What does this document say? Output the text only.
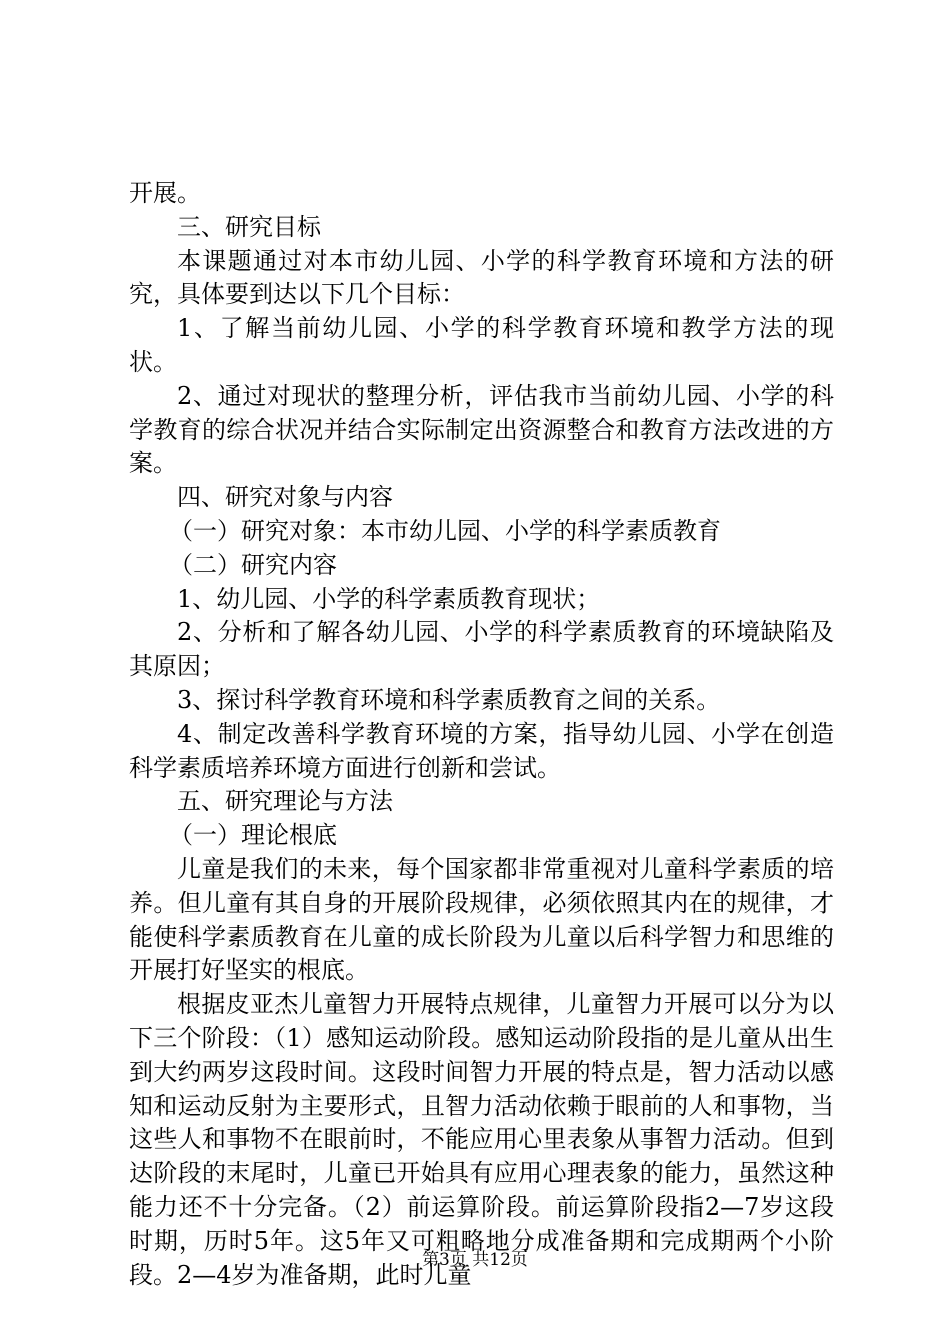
开展。

三、研究目标

本课题通过对本市幼儿园、小学的科学教育环境和方法的研究，具体要到达以下几个目标：

1、了解当前幼儿园、小学的科学教育环境和教学方法的现状。

2、通过对现状的整理分析，评估我市当前幼儿园、小学的科学教育的综合状况并结合实际制定出资源整合和教育方法改进的方案。

四、研究对象与内容

（一）研究对象：本市幼儿园、小学的科学素质教育

（二）研究内容

1、幼儿园、小学的科学素质教育现状；

2、分析和了解各幼儿园、小学的科学素质教育的环境缺陷及其原因；

3、探讨科学教育环境和科学素质教育之间的关系。

4、制定改善科学教育环境的方案，指导幼儿园、小学在创造科学素质培养环境方面进行创新和尝试。

五、研究理论与方法

（一）理论根底

儿童是我们的未来，每个国家都非常重视对儿童科学素质的培养。但儿童有其自身的开展阶段规律，必须依照其内在的规律，才能使科学素质教育在儿童的成长阶段为儿童以后科学智力和思维的开展打好坚实的根底。

根据皮亚杰儿童智力开展特点规律，儿童智力开展可以分为以下三个阶段：（1）感知运动阶段。感知运动阶段指的是儿童从出生到大约两岁这段时间。这段时间智力开展的特点是，智力活动以感知和运动反射为主要形式，且智力活动依赖于眼前的人和事物，当这些人和事物不在眼前时，不能应用心里表象从事智力活动。但到达阶段的末尾时，儿童已开始具有应用心理表象的能力，虽然这种能力还不十分完备。（2）前运算阶段。前运算阶段指2—7岁这段时期，历时5年。这5年又可粗略地分成准备期和完成期两个小阶段。2—4岁为准备期，此时儿童

第3页 共12页
